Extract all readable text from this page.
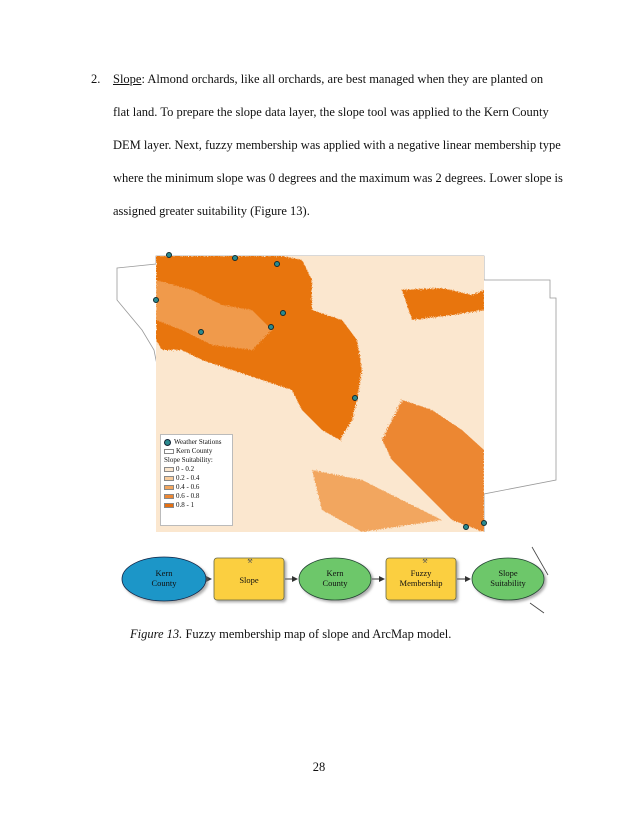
2. Slope: Almond orchards, like all orchards, are best managed when they are planted on
flat land. To prepare the slope data layer, the slope tool was applied to the Kern County
DEM layer. Next, fuzzy membership was applied with a negative linear membership type
where the minimum slope was 0 degrees and the maximum was 2 degrees. Lower slope is
assigned greater suitability (Figure 13).
Weather Stations
Kern County
Slope Suitability:
0 - 0.2
0.2 - 0.4
0.4 - 0.6
0.6 - 0.8
0.8 - 1
Kern
County
⚒
Slope
Kern
County
⚒
Fuzzy
Membership
Slope
Suitability
Figure 13. Fuzzy membership map of slope and ArcMap model.
28
